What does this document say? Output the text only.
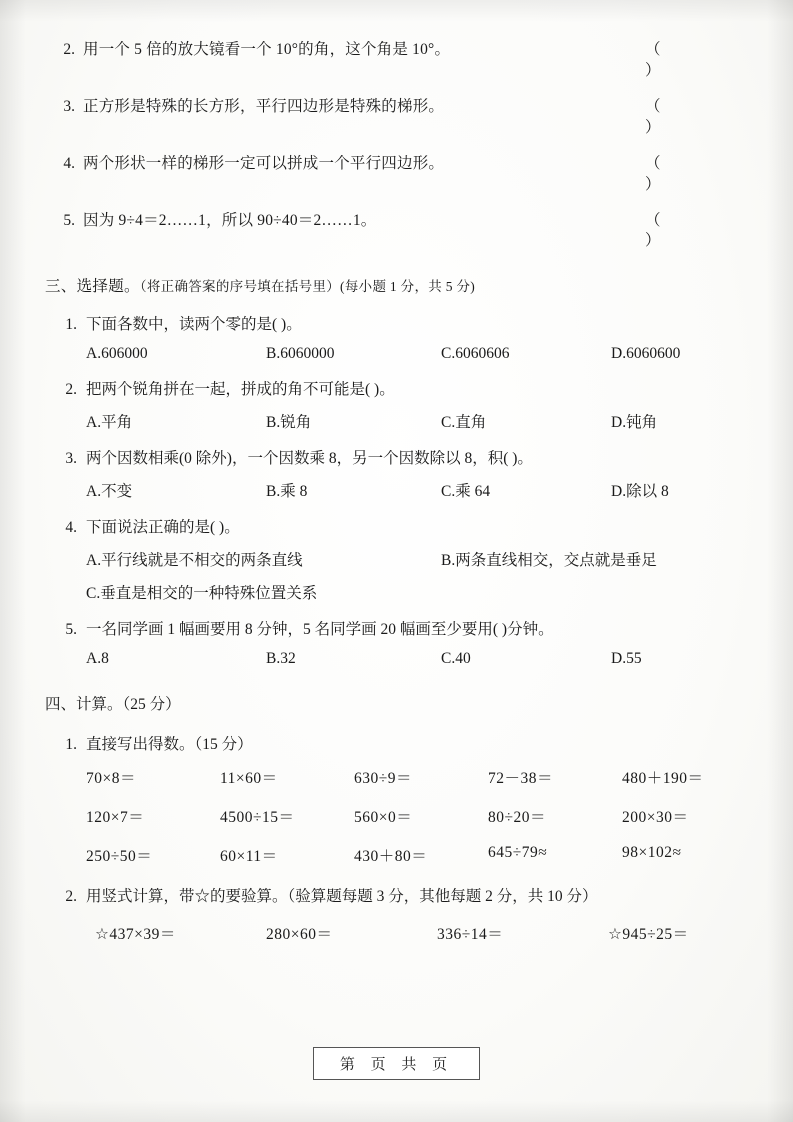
2. 用一个 5 倍的放大镜看一个 10°的角，这个角是 10°。	（ ）
3. 正方形是特殊的长方形，平行四边形是特殊的梯形。	（ ）
4. 两个形状一样的梯形一定可以拼成一个平行四边形。	（ ）
5. 因为 9÷4＝2……1，所以 90÷40＝2……1。	（ ）
三、选择题。（将正确答案的序号填在括号里）(每小题 1 分，共 5 分)
1. 下面各数中，读两个零的是( )。
A.606000	B.6060000	C.6060606	D.6060600
2. 把两个锐角拼在一起，拼成的角不可能是( )。
A.平角	B.锐角	C.直角	D.钝角
3. 两个因数相乘(0 除外)，一个因数乘 8，另一个因数除以 8，积( )。
A.不变	B.乘 8	C.乘 64	D.除以 8
4. 下面说法正确的是( )。
A.平行线就是不相交的两条直线	B.两条直线相交，交点就是垂足
C.垂直是相交的一种特殊位置关系
5. 一名同学画 1 幅画要用 8 分钟，5 名同学画 20 幅画至少要用( )分钟。
A.8	B.32	C.40	D.55
四、计算。（25 分）
1. 直接写出得数。（15 分）
70×8＝	11×60＝	630÷9＝	72－38＝	480＋190＝
120×7＝	4500÷15＝	560×0＝	80÷20＝	200×30＝
250÷50＝	60×11＝	430＋80＝	645÷79≈	98×102≈
2. 用竖式计算，带☆的要验算。（验算题每题 3 分，其他每题 2 分，共 10 分）
☆437×39＝	280×60＝	336÷14＝	☆945÷25＝
第 页 共 页
